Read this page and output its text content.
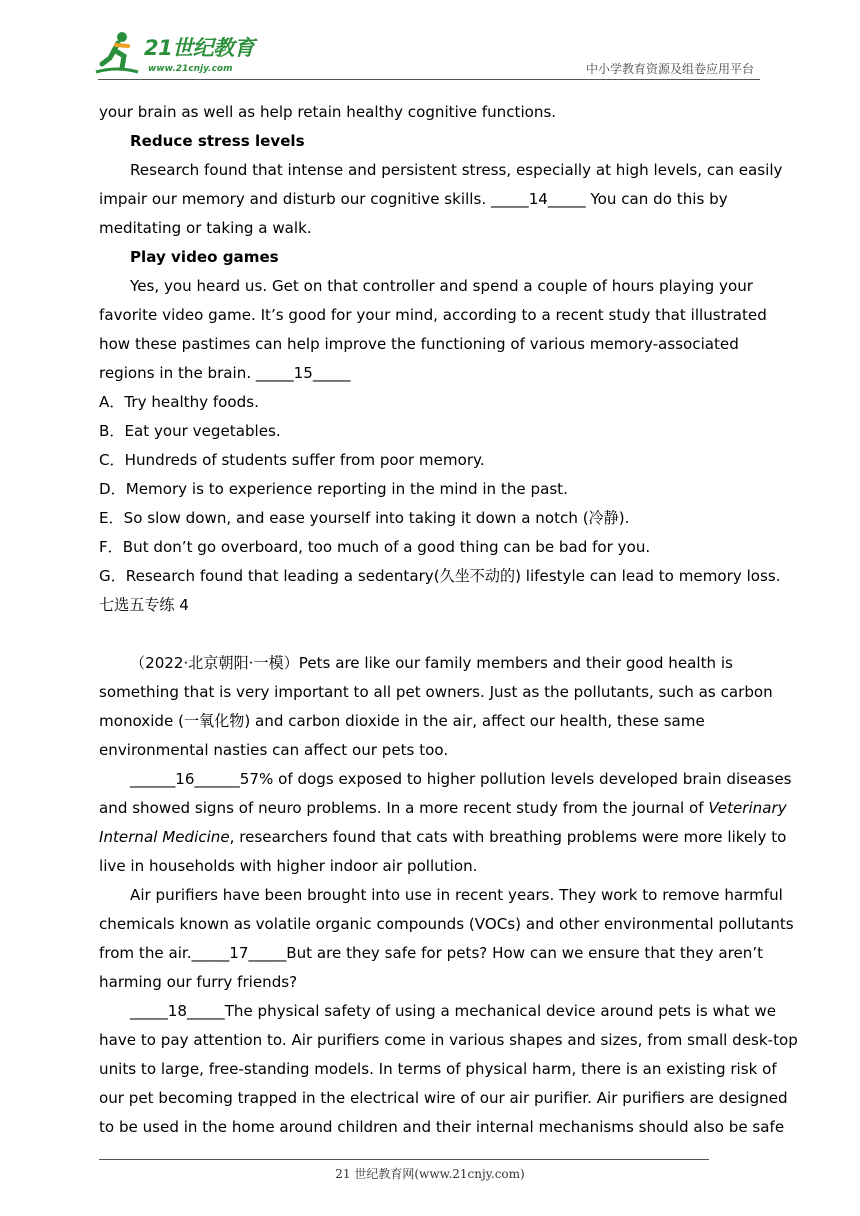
21世纪教育
www.21cnjy.com	中小学教育资源及组卷应用平台
your brain as well as help retain healthy cognitive functions.
Reduce stress levels
Research found that intense and persistent stress, especially at high levels, can easily
impair our memory and disturb our cognitive skills. _____14_____ You can do this by
meditating or taking a walk.
Play video games
Yes, you heard us. Get on that controller and spend a couple of hours playing your
favorite video game. It’s good for your mind, according to a recent study that illustrated
how these pastimes can help improve the functioning of various memory-associated
regions in the brain. _____15_____
A．Try healthy foods.
B．Eat your vegetables.
C．Hundreds of students suffer from poor memory.
D．Memory is to experience reporting in the mind in the past.
E．So slow down, and ease yourself into taking it down a notch (冷静).
F．But don’t go overboard, too much of a good thing can be bad for you.
G．Research found that leading a sedentary(久坐不动的) lifestyle can lead to memory loss.
七选五专练 4
（2022·北京朝阳·一模）Pets are like our family members and their good health is
something that is very important to all pet owners. Just as the pollutants, such as carbon
monoxide (一氧化物) and carbon dioxide in the air, affect our health, these same
environmental nasties can affect our pets too.
______16______57% of dogs exposed to higher pollution levels developed brain diseases
and showed signs of neuro problems. In a more recent study from the journal of Veterinary
Internal Medicine, researchers found that cats with breathing problems were more likely to
live in households with higher indoor air pollution.
Air purifiers have been brought into use in recent years. They work to remove harmful
chemicals known as volatile organic compounds (VOCs) and other environmental pollutants
from the air._____17_____But are they safe for pets? How can we ensure that they aren’t
harming our furry friends?
_____18_____The physical safety of using a mechanical device around pets is what we
have to pay attention to. Air purifiers come in various shapes and sizes, from small desk-top
units to large, free-standing models. In terms of physical harm, there is an existing risk of
our pet becoming trapped in the electrical wire of our air purifier. Air purifiers are designed
to be used in the home around children and their internal mechanisms should also be safe
21 世纪教育网(www.21cnjy.com)
